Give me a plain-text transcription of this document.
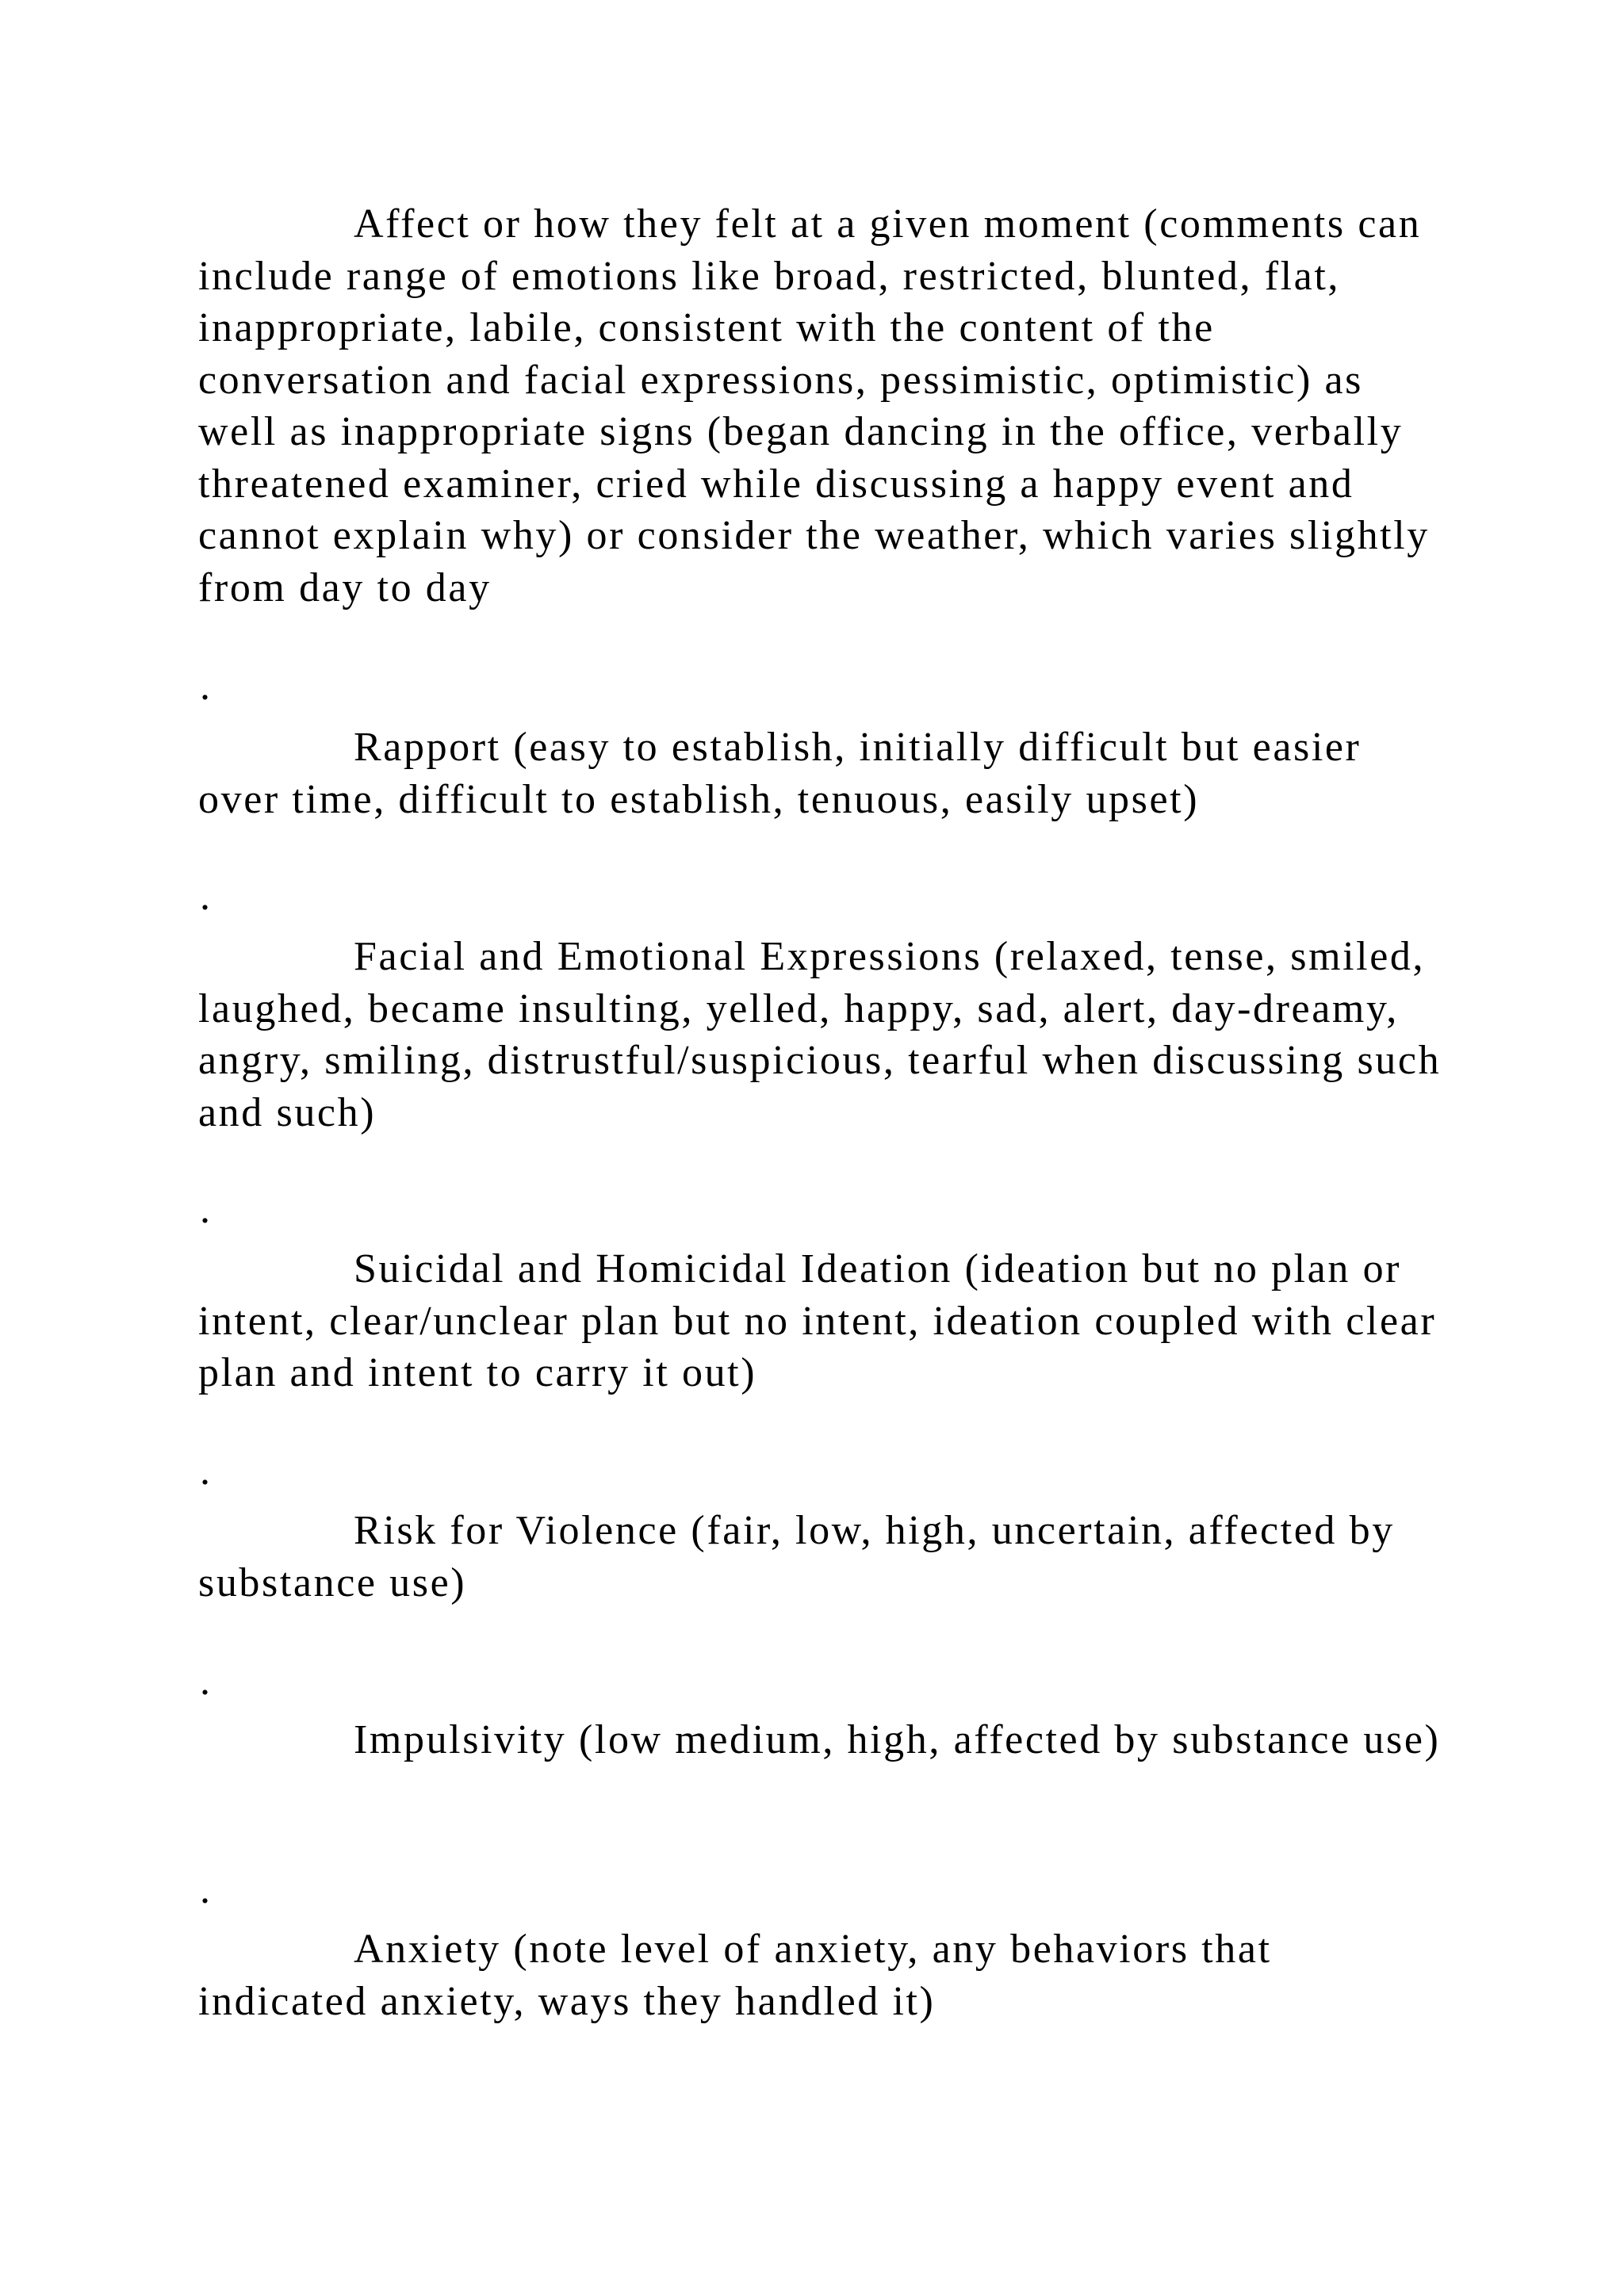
Affect or how they felt at a given moment (comments can include range of emotions like broad, restricted, blunted, flat, inappropriate, labile, consistent with the content of the conversation and facial expressions, pessimistic, optimistic) as well as inappropriate signs (began dancing in the office, verbally threatened examiner, cried while discussing a happy event and cannot explain why) or consider the weather, which varies slightly from day to day

.

Rapport (easy to establish, initially difficult but easier over time, difficult to establish, tenuous, easily upset)

.

Facial and Emotional Expressions (relaxed, tense, smiled, laughed, became insulting, yelled, happy, sad, alert, day-dreamy, angry, smiling, distrustful/suspicious, tearful when discussing such and such)

.

Suicidal and Homicidal Ideation (ideation but no plan or intent, clear/unclear plan but no intent, ideation coupled with clear plan and intent to carry it out)

.

Risk for Violence (fair, low, high, uncertain, affected by substance use)

.

Impulsivity (low medium, high, affected by substance use)

.

Anxiety (note level of anxiety, any behaviors that indicated anxiety, ways they handled it)
